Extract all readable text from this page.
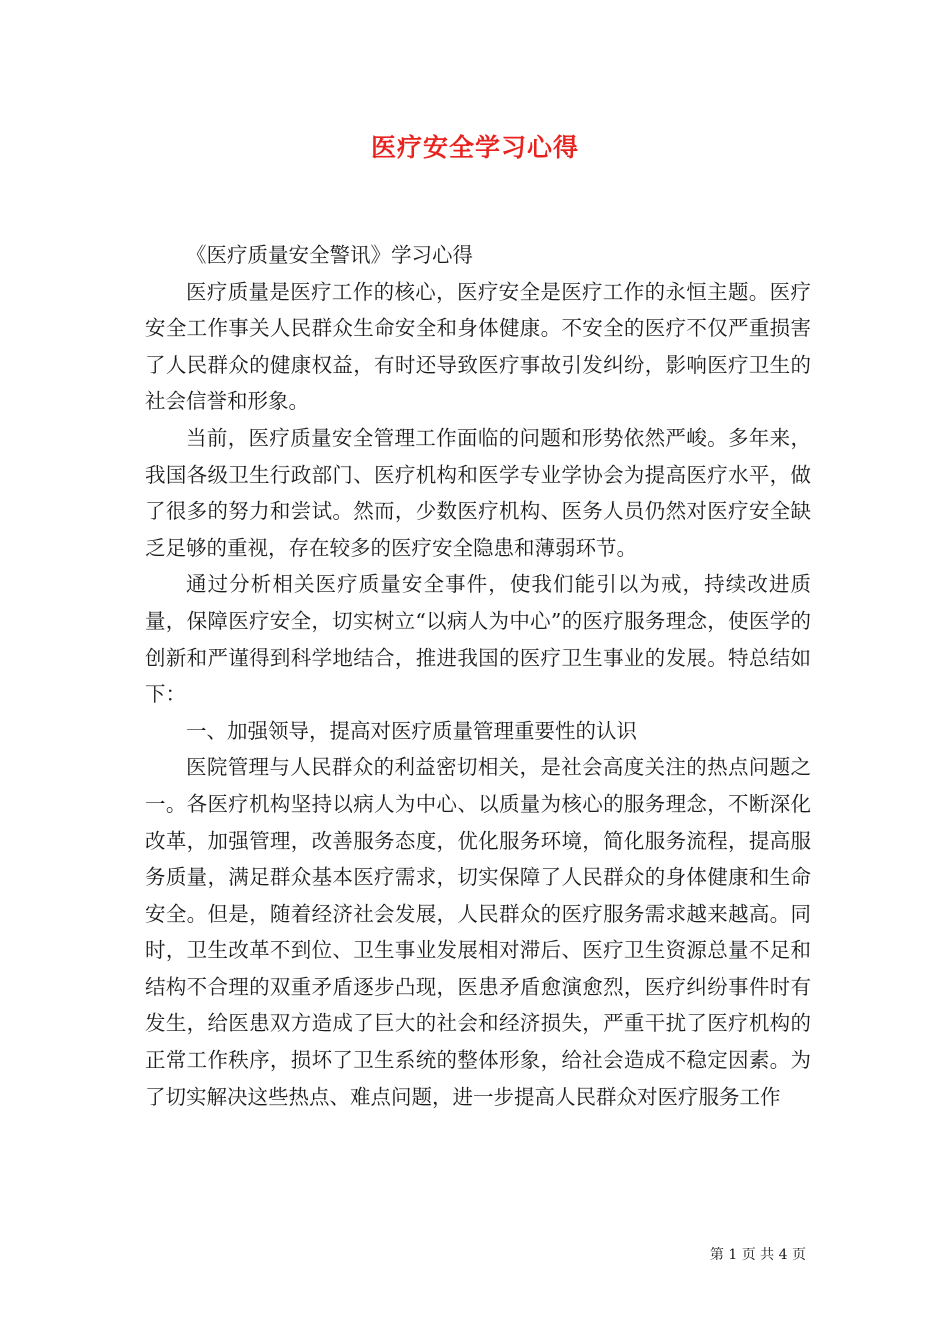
医疗安全学习心得

《医疗质量安全警讯》学习心得

医疗质量是医疗工作的核心，医疗安全是医疗工作的永恒主题。医疗安全工作事关人民群众生命安全和身体健康。不安全的医疗不仅严重损害了人民群众的健康权益，有时还导致医疗事故引发纠纷，影响医疗卫生的社会信誉和形象。

当前，医疗质量安全管理工作面临的问题和形势依然严峻。多年来，我国各级卫生行政部门、医疗机构和医学专业学协会为提高医疗水平，做了很多的努力和尝试。然而，少数医疗机构、医务人员仍然对医疗安全缺乏足够的重视，存在较多的医疗安全隐患和薄弱环节。

通过分析相关医疗质量安全事件，使我们能引以为戒，持续改进质量，保障医疗安全，切实树立“以病人为中心”的医疗服务理念，使医学的创新和严谨得到科学地结合，推进我国的医疗卫生事业的发展。特总结如下：

一、加强领导，提高对医疗质量管理重要性的认识

医院管理与人民群众的利益密切相关，是社会高度关注的热点问题之一。各医疗机构坚持以病人为中心、以质量为核心的服务理念，不断深化改革，加强管理，改善服务态度，优化服务环境，简化服务流程，提高服务质量，满足群众基本医疗需求，切实保障了人民群众的身体健康和生命安全。但是，随着经济社会发展，人民群众的医疗服务需求越来越高。同时，卫生改革不到位、卫生事业发展相对滞后、医疗卫生资源总量不足和结构不合理的双重矛盾逐步凸现，医患矛盾愈演愈烈，医疗纠纷事件时有发生，给医患双方造成了巨大的社会和经济损失，严重干扰了医疗机构的正常工作秩序，损坏了卫生系统的整体形象，给社会造成不稳定因素。为了切实解决这些热点、难点问题，进一步提高人民群众对医疗服务工作

第 1 页 共 4 页
